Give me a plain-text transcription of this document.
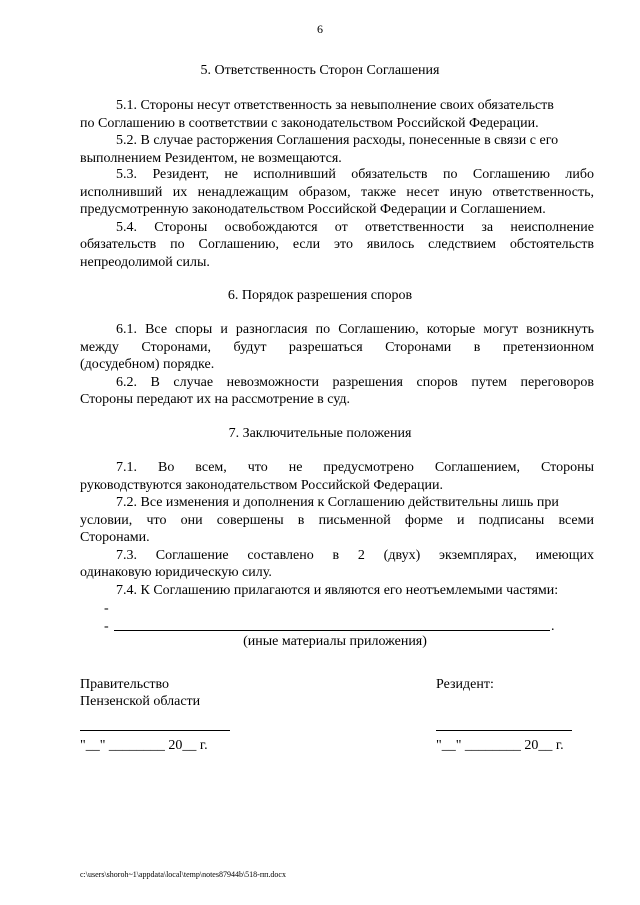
6
5. Ответственность Сторон Соглашения
5.1. Стороны несут ответственность за невыполнение своих обязательств
по Соглашению в соответствии с законодательством Российской Федерации.
5.2. В случае расторжения Соглашения расходы, понесенные в связи с его
выполнением Резидентом, не возмещаются.
5.3. Резидент, не исполнивший обязательств по Соглашению либо
исполнивший их ненадлежащим образом, также несет иную ответственность,
предусмотренную законодательством Российской Федерации и Соглашением.
5.4. Стороны освобождаются от ответственности за неисполнение
обязательств по Соглашению, если это явилось следствием обстоятельств
непреодолимой силы.
6. Порядок разрешения споров
6.1. Все споры и разногласия по Соглашению, которые могут возникнуть
между Сторонами, будут разрешаться Сторонами в претензионном
(досудебном) порядке.
6.2. В случае невозможности разрешения споров путем переговоров
Стороны передают их на рассмотрение в суд.
7. Заключительные положения
7.1. Во всем, что не предусмотрено Соглашением, Стороны
руководствуются законодательством Российской Федерации.
7.2. Все изменения и дополнения к Соглашению действительны лишь при
условии, что они совершены в письменной форме и подписаны всеми
Сторонами.
7.3. Соглашение составлено в 2 (двух) экземплярах, имеющих
одинаковую юридическую силу.
7.4. К Соглашению прилагаются и являются его неотъемлемыми частями:
-
-	.
(иные материалы приложения)
Правительство
Пензенской области
Резидент:
"__" ________ 20__ г.	"__" ________ 20__ г.
c:\users\shoroh~1\appdata\local\temp\notes87944b\518-пп.docx
